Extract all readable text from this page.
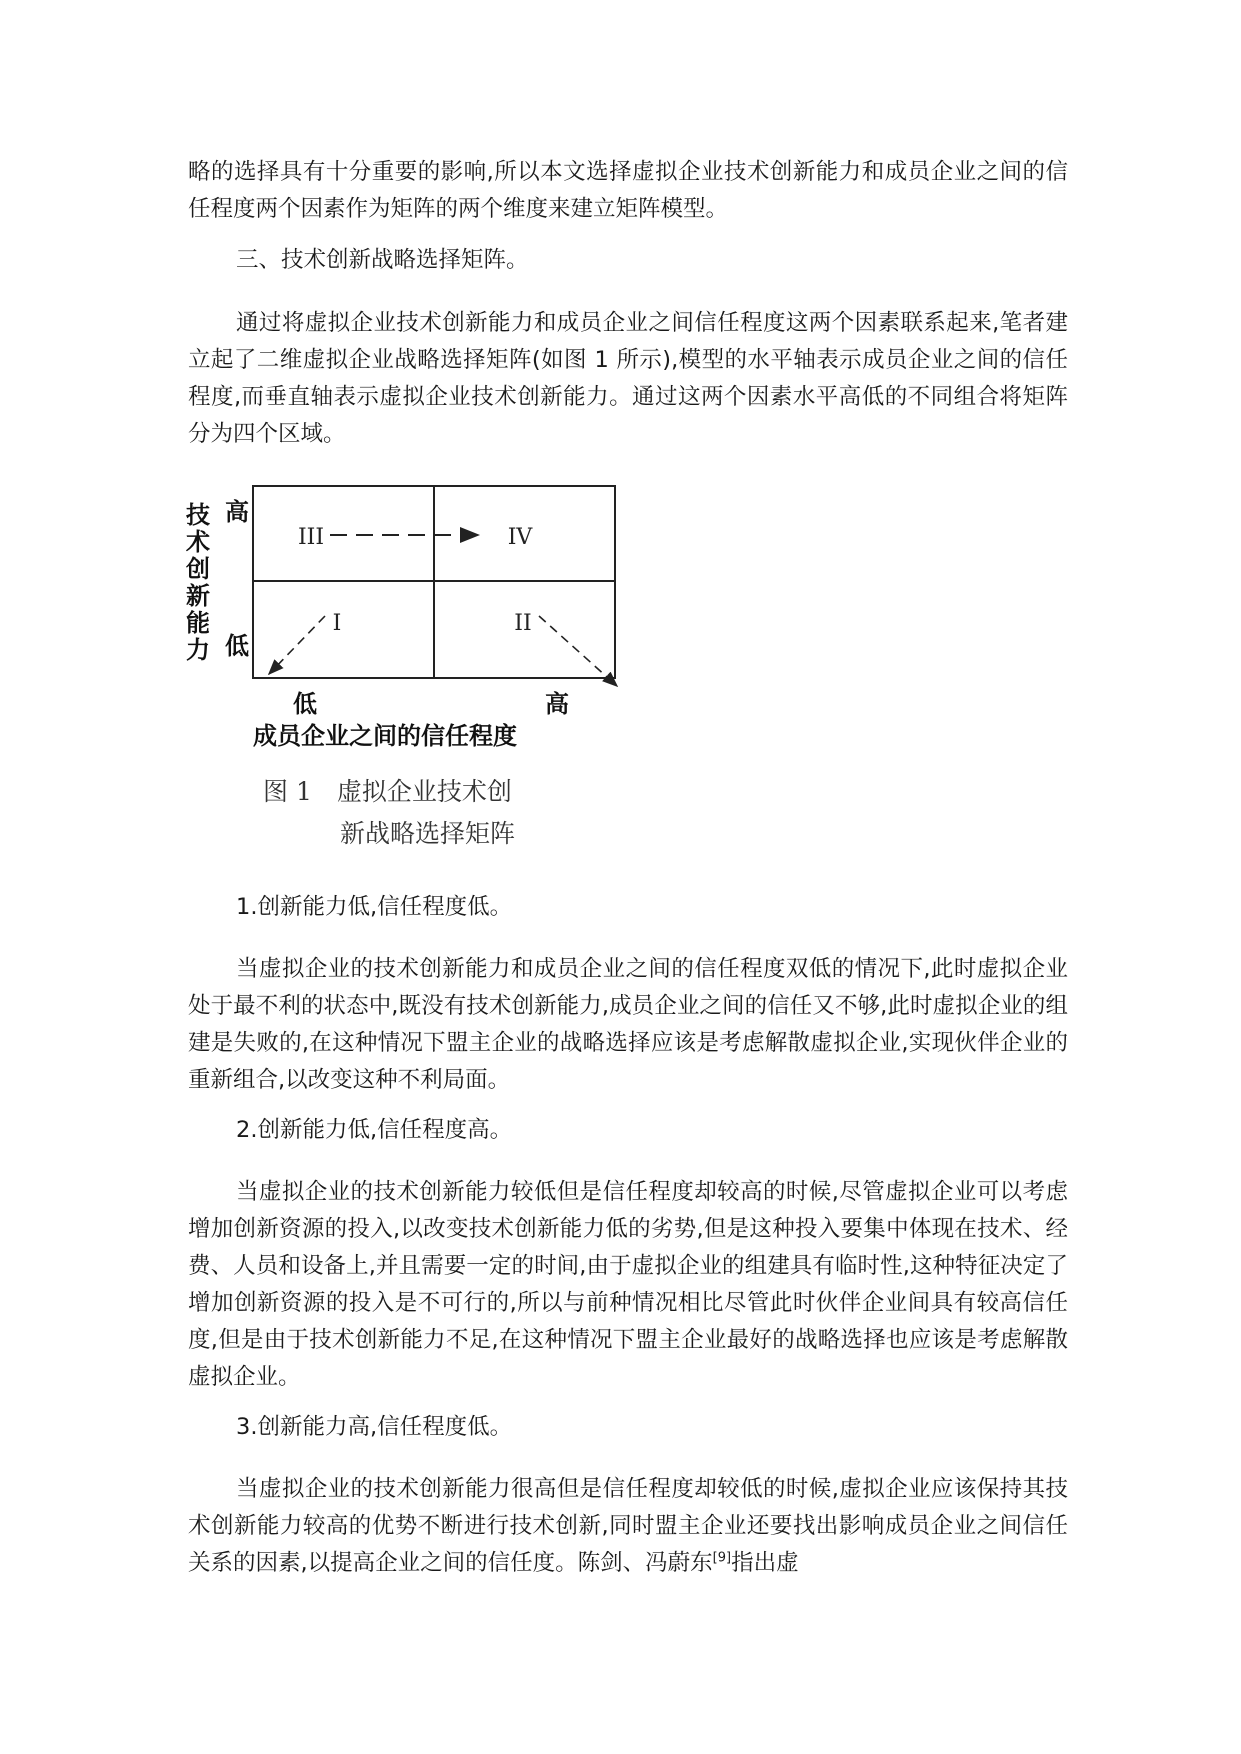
略的选择具有十分重要的影响,所以本文选择虚拟企业技术创新能力和成员企业之间的信任程度两个因素作为矩阵的两个维度来建立矩阵模型。

三、技术创新战略选择矩阵。

通过将虚拟企业技术创新能力和成员企业之间信任程度这两个因素联系起来,笔者建立起了二维虚拟企业战略选择矩阵(如图 1 所示),模型的水平轴表示成员企业之间的信任程度,而垂直轴表示虚拟企业技术创新能力。通过这两个因素水平高低的不同组合将矩阵分为四个区域。

III	IV
I	II
高
低
低	高
成员企业之间的信任程度
技术创新能力
图 1　虚拟企业技术创
新战略选择矩阵

1.创新能力低,信任程度低。

当虚拟企业的技术创新能力和成员企业之间的信任程度双低的情况下,此时虚拟企业处于最不利的状态中,既没有技术创新能力,成员企业之间的信任又不够,此时虚拟企业的组建是失败的,在这种情况下盟主企业的战略选择应该是考虑解散虚拟企业,实现伙伴企业的重新组合,以改变这种不利局面。

2.创新能力低,信任程度高。

当虚拟企业的技术创新能力较低但是信任程度却较高的时候,尽管虚拟企业可以考虑增加创新资源的投入,以改变技术创新能力低的劣势,但是这种投入要集中体现在技术、经费、人员和设备上,并且需要一定的时间,由于虚拟企业的组建具有临时性,这种特征决定了增加创新资源的投入是不可行的,所以与前种情况相比尽管此时伙伴企业间具有较高信任度,但是由于技术创新能力不足,在这种情况下盟主企业最好的战略选择也应该是考虑解散虚拟企业。

3.创新能力高,信任程度低。

当虚拟企业的技术创新能力很高但是信任程度却较低的时候,虚拟企业应该保持其技术创新能力较高的优势不断进行技术创新,同时盟主企业还要找出影响成员企业之间信任关系的因素,以提高企业之间的信任度。陈剑、冯蔚东[9]指出虚
